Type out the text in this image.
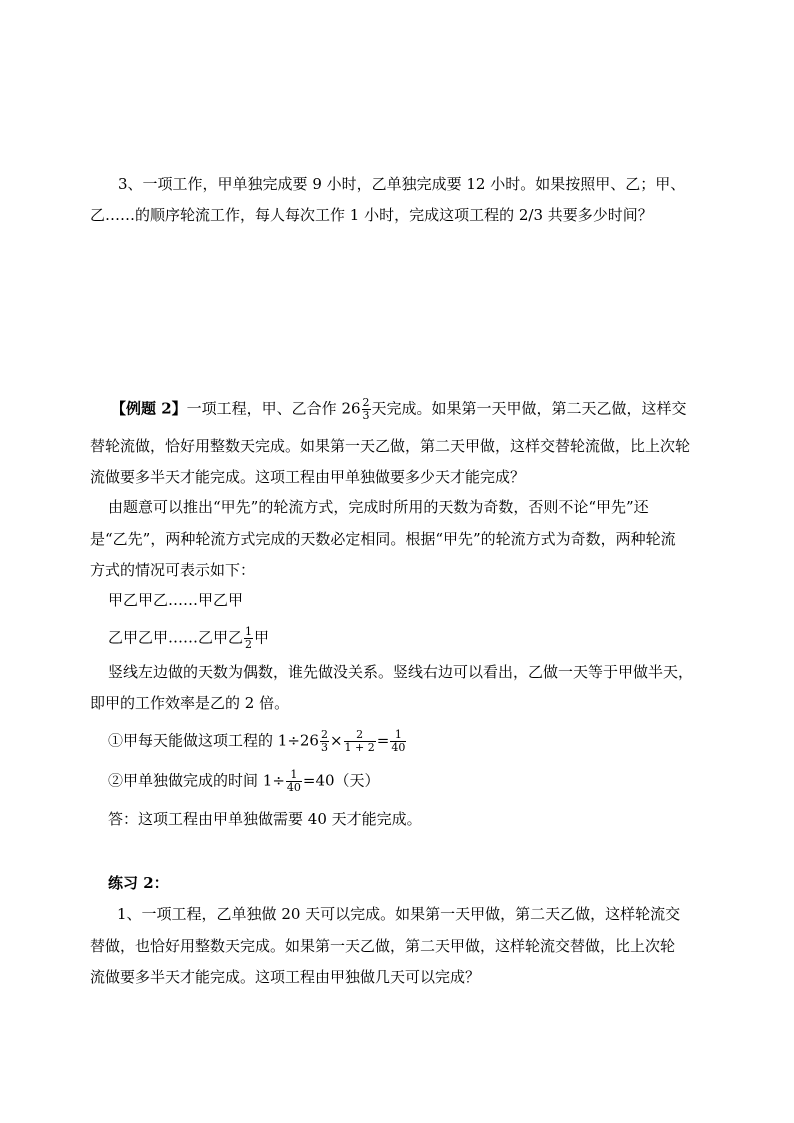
3、一项工作，甲单独完成要 9 小时，乙单独完成要 12 小时。如果按照甲、乙；甲、
乙……的顺序轮流工作，每人每次工作 1 小时，完成这项工程的 2/3 共要多少时间？
【例题 2】一项工程，甲、乙合作 $26 \frac{2}{3}$ 天完成。如果第一天甲做，第二天乙做，这样交
替轮流做，恰好用整数天完成。如果第一天乙做，第二天甲做，这样交替轮流做，比上次轮
流做要多半天才能完成。这项工程由甲单独做要多少天才能完成？
由题意可以推出“甲先”的轮流方式，完成时所用的天数为奇数，否则不论“甲先”还
是“乙先”，两种轮流方式完成的天数必定相同。根据“甲先”的轮流方式为奇数，两种轮流
方式的情况可表示如下：
甲乙甲乙……甲乙甲
乙甲乙甲……乙甲乙 $\frac{1}{2}$ 甲
竖线左边做的天数为偶数，谁先做没关系。竖线右边可以看出，乙做一天等于甲做半天，
即甲的工作效率是乙的 2 倍。
①甲每天能做这项工程的 $1\div 26 \frac{2}{3} \times \frac{2}{1 + 2} = \frac{1}{40}$
②甲单独做完成的时间 $1\div \frac{1}{40} =40$（天）
答：这项工程由甲单独做需要 40 天才能完成。
练习 2：
1、一项工程，乙单独做 20 天可以完成。如果第一天甲做，第二天乙做，这样轮流交
替做，也恰好用整数天完成。如果第一天乙做，第二天甲做，这样轮流交替做，比上次轮
流做要多半天才能完成。这项工程由甲独做几天可以完成？
